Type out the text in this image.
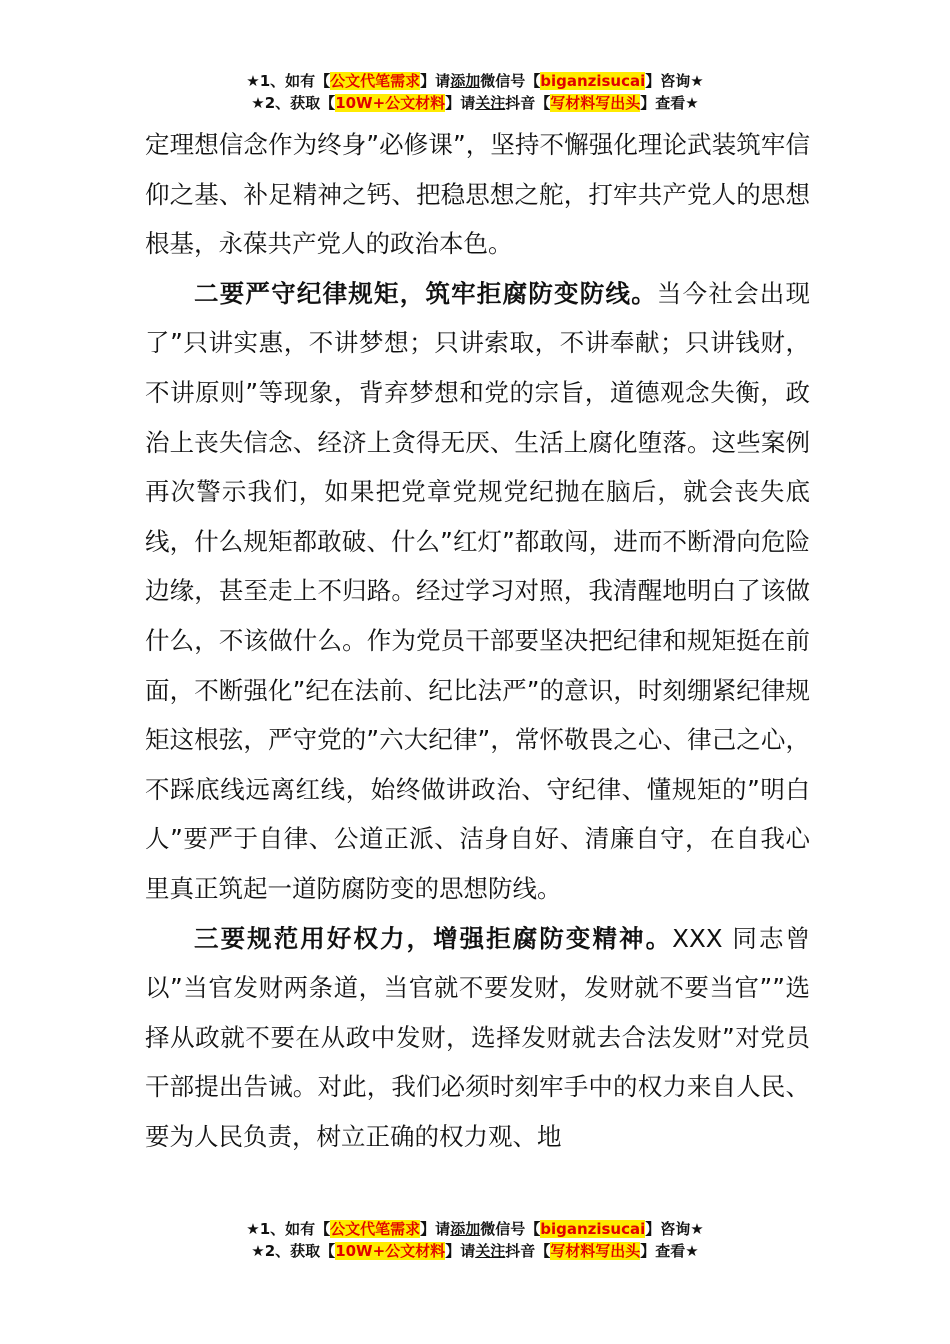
★1、如有【公文代笔需求】请添加微信号【biganzisucai】咨询★
★2、获取【10W+公文材料】请关注抖音【写材料写出头】查看★

定理想信念作为终身”必修课”，坚持不懈强化理论武装筑牢信仰之基、补足精神之钙、把稳思想之舵，打牢共产党人的思想根基，永葆共产党人的政治本色。

二要严守纪律规矩，筑牢拒腐防变防线。当今社会出现了”只讲实惠，不讲梦想；只讲索取，不讲奉献；只讲钱财，不讲原则”等现象，背弃梦想和党的宗旨，道德观念失衡，政治上丧失信念、经济上贪得无厌、生活上腐化堕落。这些案例再次警示我们，如果把党章党规党纪抛在脑后，就会丧失底线，什么规矩都敢破、什么”红灯”都敢闯，进而不断滑向危险边缘，甚至走上不归路。经过学习对照，我清醒地明白了该做什么，不该做什么。作为党员干部要坚决把纪律和规矩挺在前面，不断强化”纪在法前、纪比法严”的意识，时刻绷紧纪律规矩这根弦，严守党的”六大纪律”，常怀敬畏之心、律己之心，不踩底线远离红线，始终做讲政治、守纪律、懂规矩的”明白人”要严于自律、公道正派、洁身自好、清廉自守，在自我心里真正筑起一道防腐防变的思想防线。

三要规范用好权力，增强拒腐防变精神。XXX 同志曾以”当官发财两条道，当官就不要发财，发财就不要当官””选择从政就不要在从政中发财，选择发财就去合法发财”对党员干部提出告诫。对此，我们必须时刻牢手中的权力来自人民、要为人民负责，树立正确的权力观、地

★1、如有【公文代笔需求】请添加微信号【biganzisucai】咨询★
★2、获取【10W+公文材料】请关注抖音【写材料写出头】查看★
